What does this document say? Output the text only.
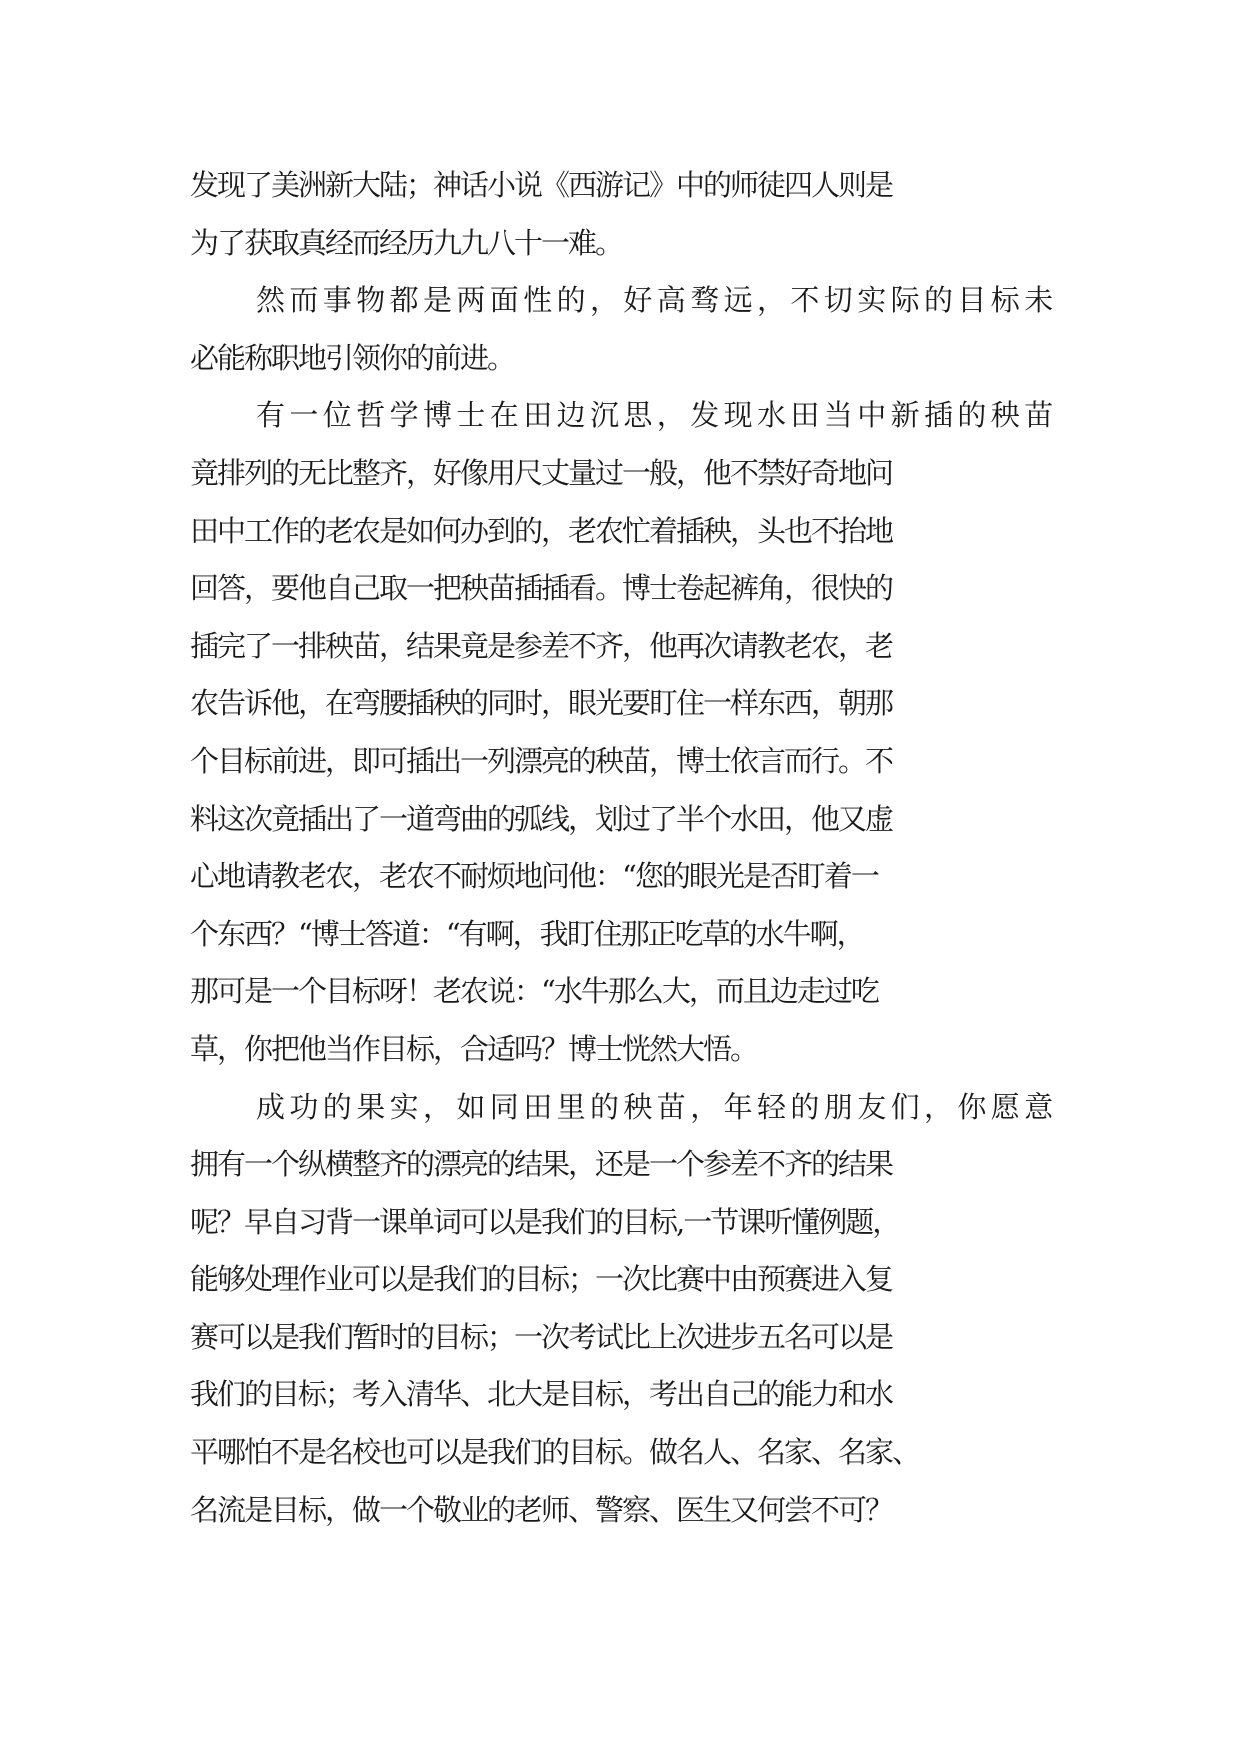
发现了美洲新大陆；神话小说《西游记》中的师徒四人则是
为了获取真经而经历九九八十一难。
然而事物都是两面性的，好高骛远，不切实际的目标未
必能称职地引领你的前进。
有一位哲学博士在田边沉思，发现水田当中新插的秧苗
竟排列的无比整齐，好像用尺丈量过一般，他不禁好奇地问
田中工作的老农是如何办到的，老农忙着插秧，头也不抬地
回答，要他自己取一把秧苗插插看。博士卷起裤角，很快的
插完了一排秧苗，结果竟是参差不齐，他再次请教老农，老
农告诉他，在弯腰插秧的同时，眼光要盯住一样东西，朝那
个目标前进，即可插出一列漂亮的秧苗，博士依言而行。不
料这次竟插出了一道弯曲的弧线，划过了半个水田，他又虚
心地请教老农，老农不耐烦地问他：“您的眼光是否盯着一
个东西？“博士答道：“有啊，我盯住那正吃草的水牛啊，
那可是一个目标呀！老农说：“水牛那么大，而且边走过吃
草，你把他当作目标，合适吗？博士恍然大悟。
成功的果实，如同田里的秧苗，年轻的朋友们，你愿意
拥有一个纵横整齐的漂亮的结果，还是一个参差不齐的结果
呢？早自习背一课单词可以是我们的目标,一节课听懂例题，
能够处理作业可以是我们的目标；一次比赛中由预赛进入复
赛可以是我们暂时的目标；一次考试比上次进步五名可以是
我们的目标；考入清华、北大是目标，考出自己的能力和水
平哪怕不是名校也可以是我们的目标。做名人、名家、名家、
名流是目标，做一个敬业的老师、警察、医生又何尝不可？
